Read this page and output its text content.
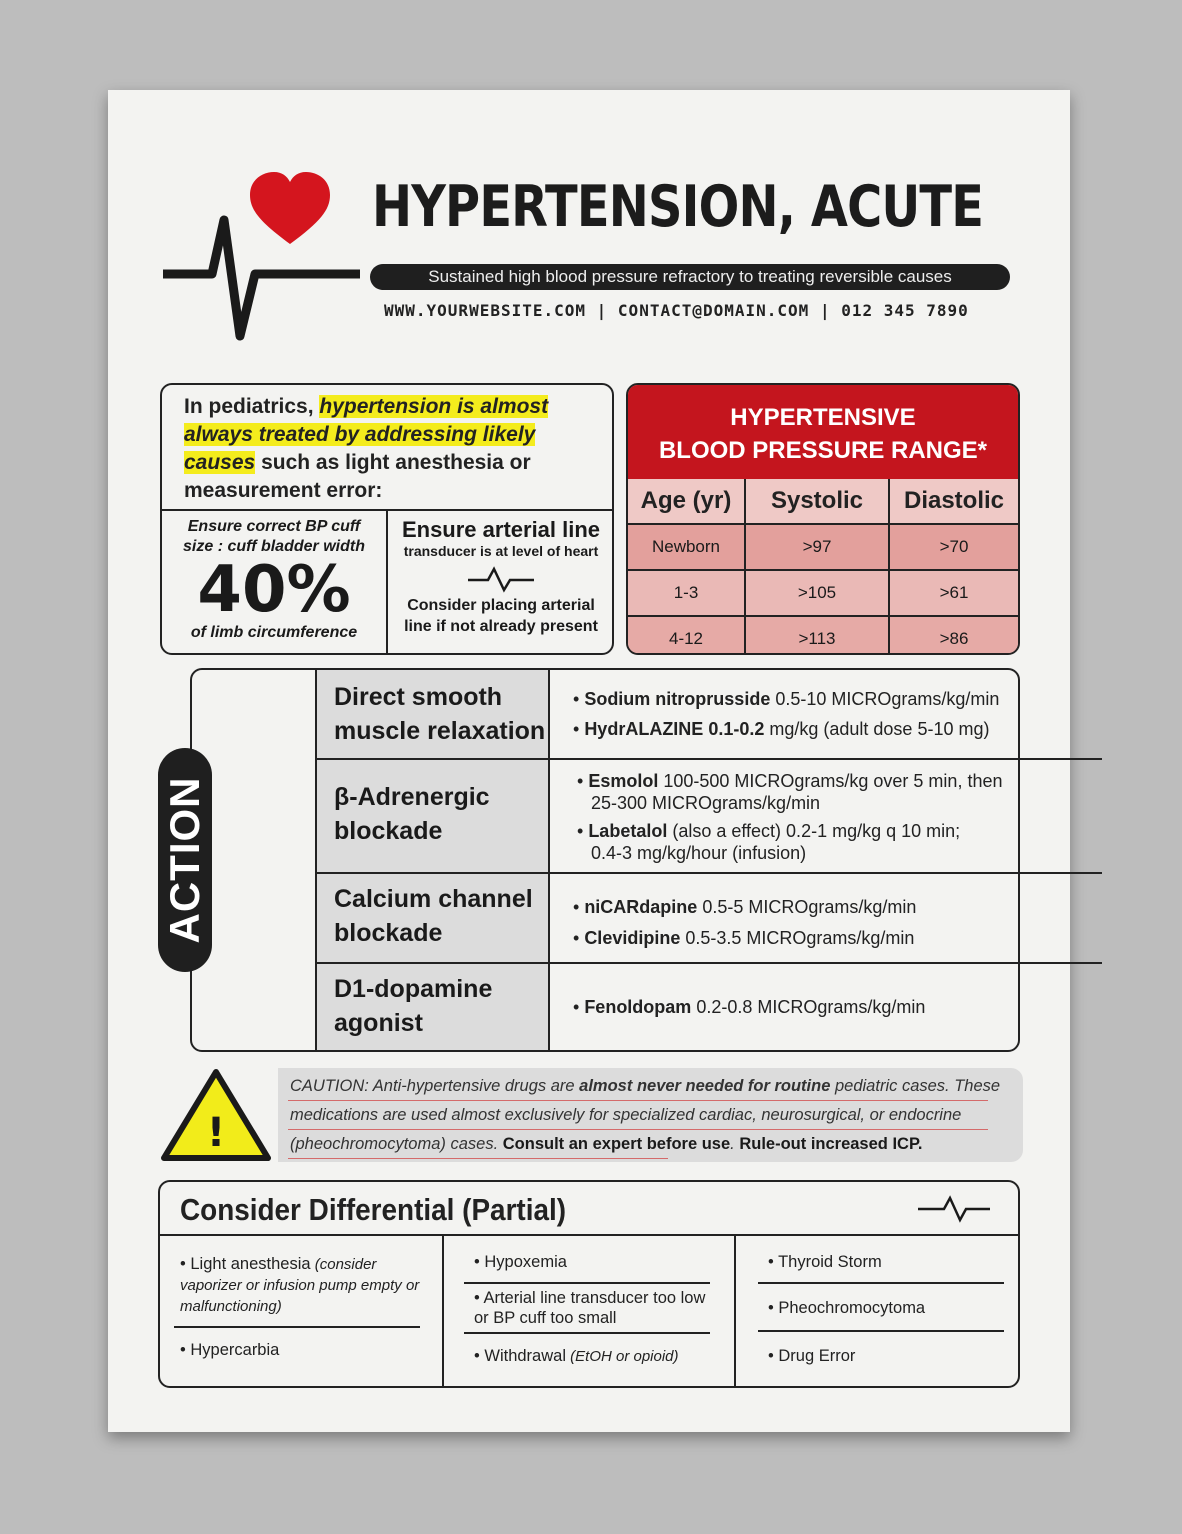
HYPERTENSION, ACUTE
Sustained high blood pressure refractory to treating reversible causes
WWW.YOURWEBSITE.COM | CONTACT@DOMAIN.COM | 012 345 7890
In pediatrics, hypertension is almost always treated by addressing likely causes such as light anesthesia or measurement error:
Ensure correct BP cuff
size : cuff bladder width
40%
of limb circumference
Ensure arterial line
transducer is at level of heart
Consider placing arterial
line if not already present
HYPERTENSIVE
BLOOD PRESSURE RANGE*
Age (yr)	Systolic	Diastolic
Newborn	>97	>70
1-3	>105	>61
4-12	>113	>86
Direct smooth
muscle relaxation
• Sodium nitroprusside 0.5-10 MICROgrams/kg/min
• HydrALAZINE 0.1-0.2 mg/kg (adult dose 5-10 mg)
β-Adrenergic
blockade
• Esmolol 100-500 MICROgrams/kg over 5 min, then
25-300 MICROgrams/kg/min
• Labetalol (also a effect) 0.2-1 mg/kg q 10 min;
0.4-3 mg/kg/hour (infusion)
Calcium channel
blockade
• niCARdapine 0.5-5 MICROgrams/kg/min
• Clevidipine 0.5-3.5 MICROgrams/kg/min
D1-dopamine
agonist
• Fenoldopam 0.2-0.8 MICROgrams/kg/min
ACTION
!
CAUTION: Anti-hypertensive drugs are almost never needed for routine pediatric cases. These
medications are used almost exclusively for specialized cardiac, neurosurgical, or endocrine
(pheochromocytoma) cases. Consult an expert before use. Rule-out increased ICP.
Consider Differential (Partial)
• Light anesthesia (consider vaporizer or infusion pump empty or malfunctioning)
• Hypercarbia
• Hypoxemia
• Arterial line transducer too low or BP cuff too small
• Withdrawal (EtOH or opioid)
• Thyroid Storm
• Pheochromocytoma
• Drug Error
